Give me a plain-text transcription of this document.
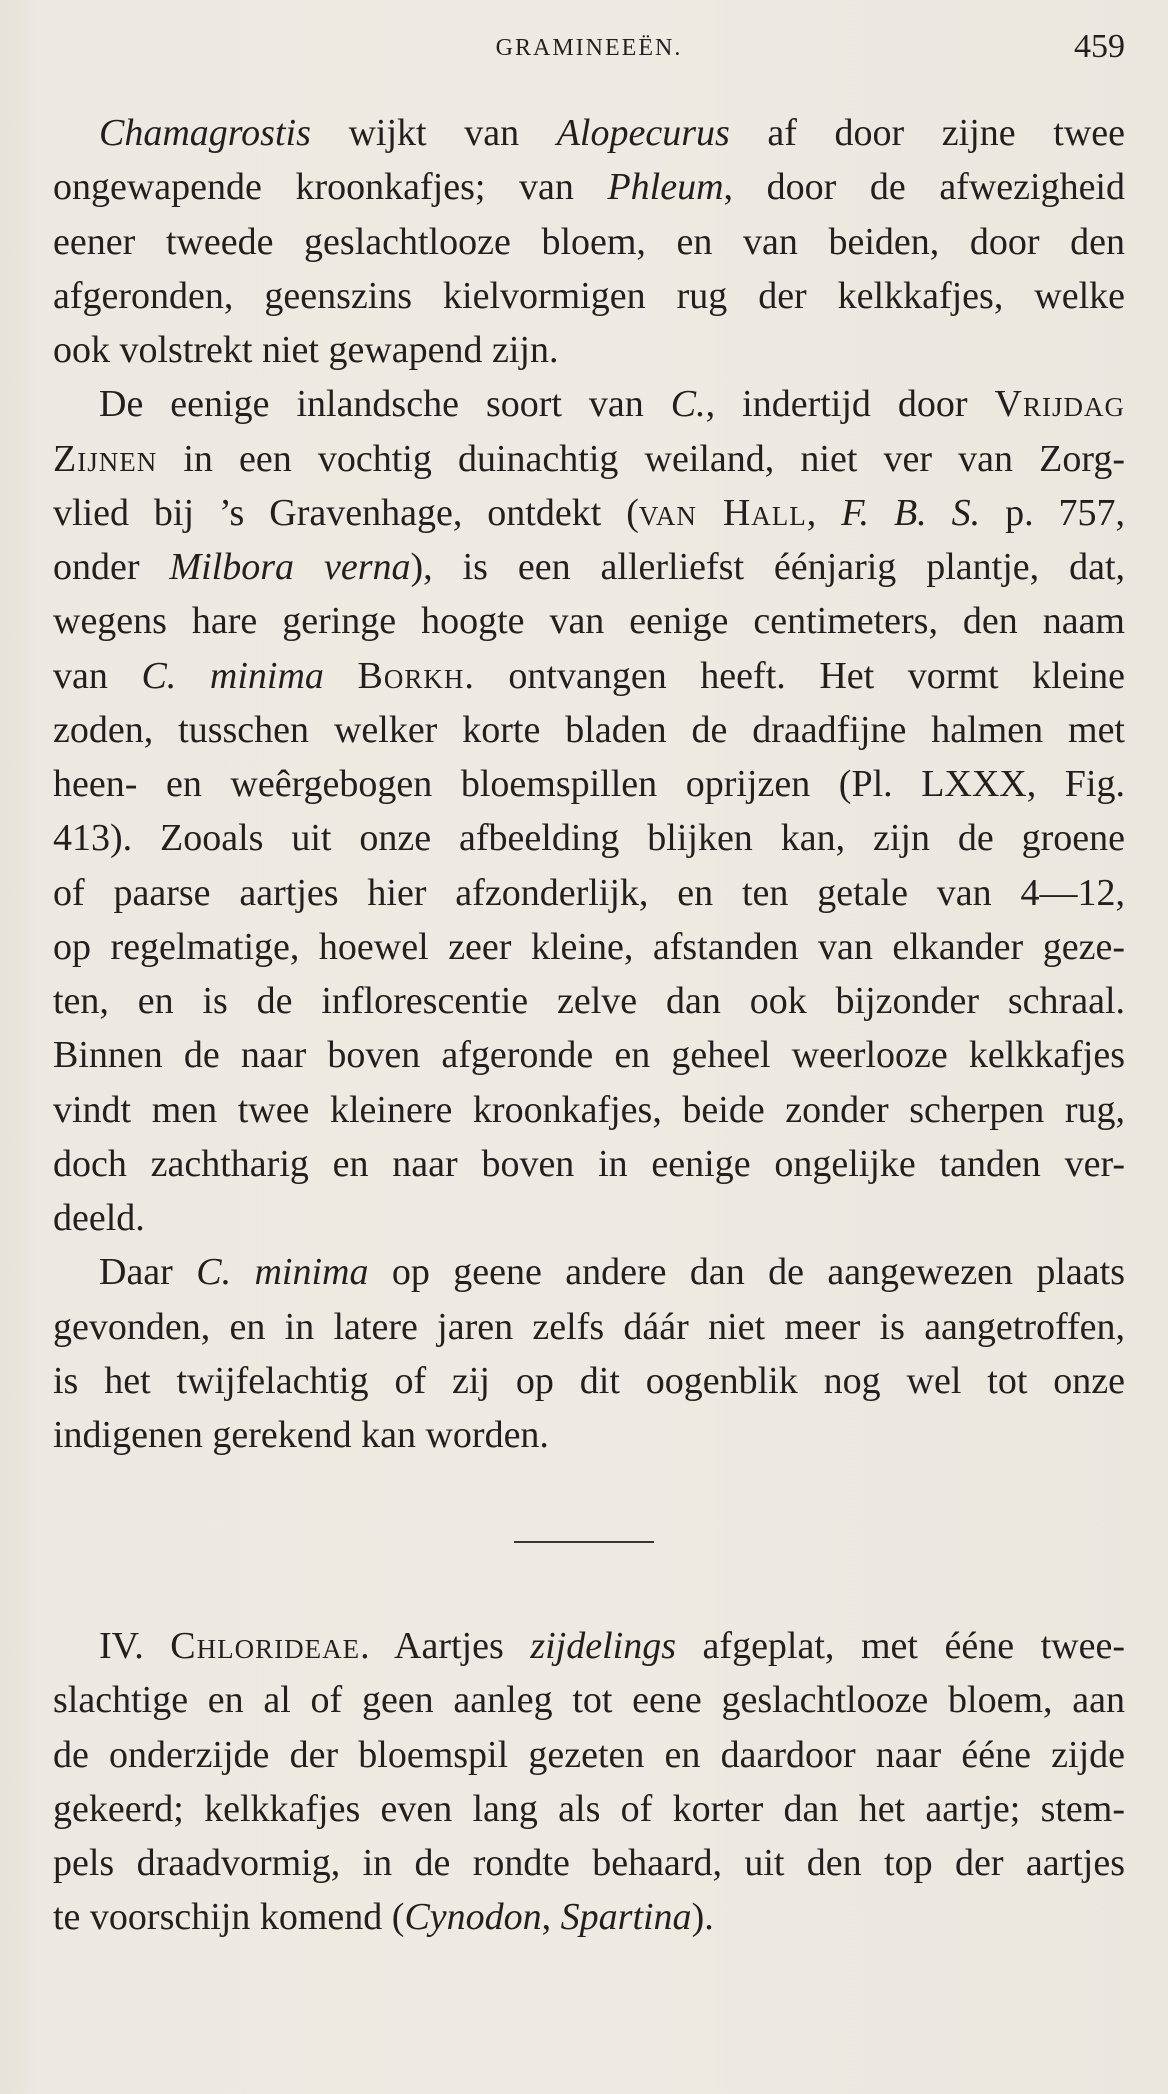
GRAMINEEËN.	459
Chamagrostis wijkt van Alopecurus af door zijne twee
ongewapende kroonkafjes; van Phleum, door de afwezigheid
eener tweede geslachtlooze bloem, en van beiden, door den
afgeronden, geenszins kielvormigen rug der kelkkafjes, welke
ook volstrekt niet gewapend zijn.
De eenige inlandsche soort van C., indertijd door Vrijdag
Zijnen in een vochtig duinachtig weiland, niet ver van Zorg-
vlied bij ’s Gravenhage, ontdekt (van Hall, F. B. S. p. 757,
onder Milbora verna), is een allerliefst éénjarig plantje, dat,
wegens hare geringe hoogte van eenige centimeters, den naam
van C. minima Borkh. ontvangen heeft. Het vormt kleine
zoden, tusschen welker korte bladen de draadfijne halmen met
heen- en weêrgebogen bloemspillen oprijzen (Pl. LXXX, Fig.
413). Zooals uit onze afbeelding blijken kan, zijn de groene
of paarse aartjes hier afzonderlijk, en ten getale van 4—12,
op regelmatige, hoewel zeer kleine, afstanden van elkander geze-
ten, en is de inflorescentie zelve dan ook bijzonder schraal.
Binnen de naar boven afgeronde en geheel weerlooze kelkkafjes
vindt men twee kleinere kroonkafjes, beide zonder scherpen rug,
doch zachtharig en naar boven in eenige ongelijke tanden ver-
deeld.
Daar C. minima op geene andere dan de aangewezen plaats
gevonden, en in latere jaren zelfs dáár niet meer is aangetroffen,
is het twijfelachtig of zij op dit oogenblik nog wel tot onze
indigenen gerekend kan worden.
IV. Chlorideae. Aartjes zijdelings afgeplat, met ééne twee-
slachtige en al of geen aanleg tot eene geslachtlooze bloem, aan
de onderzijde der bloemspil gezeten en daardoor naar ééne zijde
gekeerd; kelkkafjes even lang als of korter dan het aartje; stem-
pels draadvormig, in de rondte behaard, uit den top der aartjes
te voorschijn komend (Cynodon, Spartina).
